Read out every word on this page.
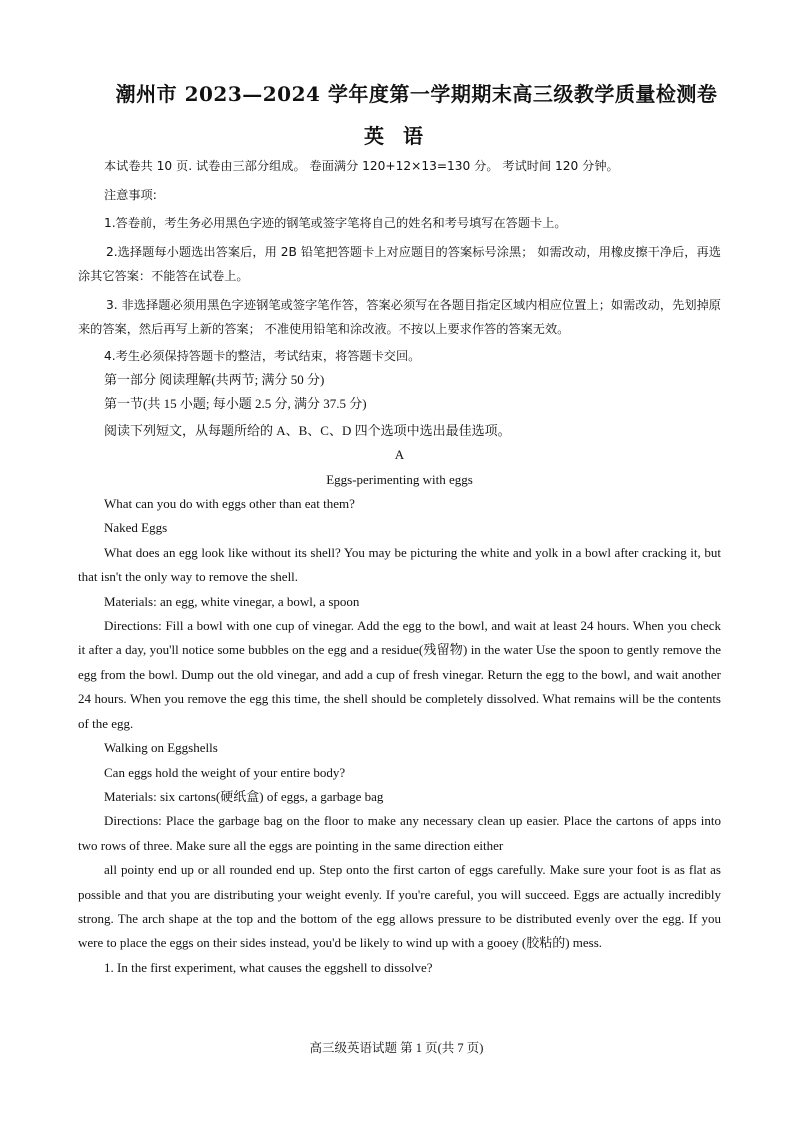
潮州市 2023—2024 学年度第一学期期末高三级教学质量检测卷
英 语

本试卷共 10 页. 试卷由三部分组成。 卷面满分 120+12×13=130 分。 考试时间 120 分钟。

注意事项:

1.答卷前，考生务必用黑色字迹的钢笔或签字笔将自己的姓名和考号填写在答题卡上。

2.选择题每小题选出答案后，用 2B 铅笔把答题卡上对应题目的答案标号涂黑； 如需改动，用橡皮擦干净后，再选涂其它答案：不能答在试卷上。

3. 非选择题必须用黑色字迹钢笔或签字笔作答，答案必须写在各题目指定区域内相应位置上；如需改动，先划掉原来的答案，然后再写上新的答案； 不准使用铅笔和涂改液。不按以上要求作答的答案无效。

4.考生必须保持答题卡的整洁，考试结束，将答题卡交回。

第一部分 阅读理解(共两节; 满分 50 分)

第一节(共 15 小题; 每小题 2.5 分, 满分 37.5 分)

阅读下列短文，从每题所给的 A、B、C、D 四个选项中选出最佳选项。

A

Eggs-perimenting with eggs

What can you do with eggs other than eat them?

Naked Eggs

What does an egg look like without its shell? You may be picturing the white and yolk in a bowl after cracking it, but that isn't the only way to remove the shell.

Materials: an egg, white vinegar, a bowl, a spoon

Directions: Fill a bowl with one cup of vinegar. Add the egg to the bowl, and wait at least 24 hours. When you check it after a day, you'll notice some bubbles on the egg and a residue(残留物) in the water Use the spoon to gently remove the egg from the bowl. Dump out the old vinegar, and add a cup of fresh vinegar. Return the egg to the bowl, and wait another 24 hours. When you remove the egg this time, the shell should be completely dissolved. What remains will be the contents of the egg.

Walking on Eggshells

Can eggs hold the weight of your entire body?

Materials: six cartons(硬纸盒) of eggs, a garbage bag

Directions: Place the garbage bag on the floor to make any necessary clean up easier. Place the cartons of apps into two rows of three. Make sure all the eggs are pointing in the same direction either

all pointy end up or all rounded end up. Step onto the first carton of eggs carefully. Make sure your foot is as flat as possible and that you are distributing your weight evenly. If you're careful, you will succeed. Eggs are actually incredibly strong. The arch shape at the top and the bottom of the egg allows pressure to be distributed evenly over the egg. If you were to place the eggs on their sides instead, you'd be likely to wind up with a gooey (胶粘的) mess.

1. In the first experiment, what causes the eggshell to dissolve?

高三级英语试题 第 1 页(共 7 页)
